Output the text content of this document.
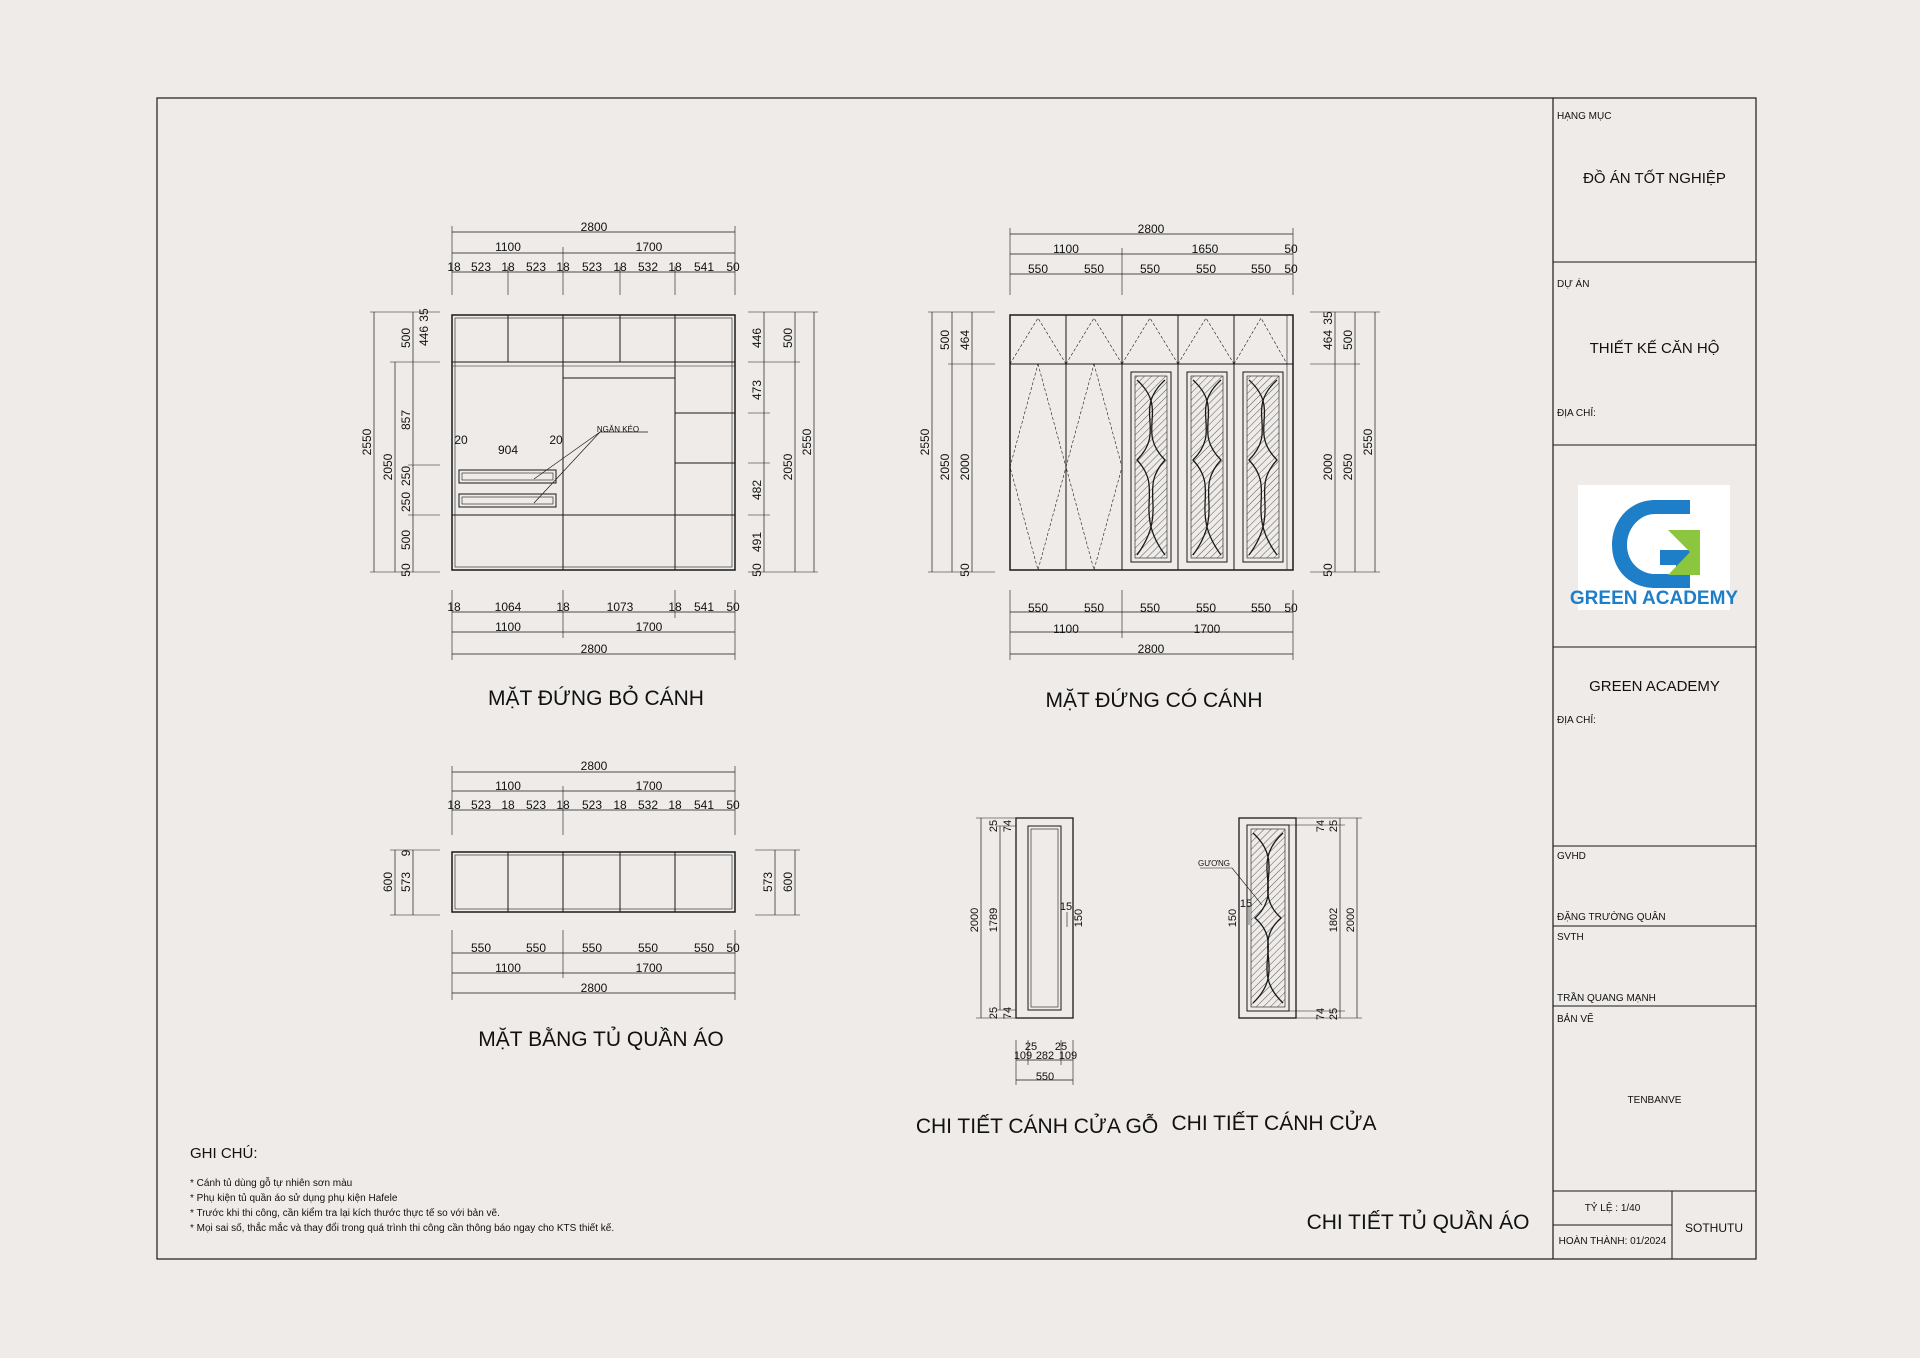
2800
1100	1700
18 523 18 523 18 523 18 532 18 541 50
18	1064	18	1073	18 541 50
1100	1700
2800
904
20	20
2550
2050
500
857
250
250
500
50
446
35
446
473
482
491
50
500
2050
2550
NGĂN KÉO
2800
1100	1650	50
550	550	550	550	550 50
550	550	550	550	550 50
1100	1700
2800
2550
500
2050
464
2000
50
464
35
2000
50
500
2050
2550
2800
1100	1700
18 523 18 523 18 523 18 532 18 541 50
550	550	550	550	550 50
1100	1700
2800
600 573
9
573 600
2000 1789
25 74
25 74
15
150
25 25
109 282 109
550
1802 2000
74 25
74 25
150
15
GƯƠNG
MẶT ĐỨNG BỎ CÁNH	MẶT ĐỨNG CÓ CÁNH
MẶT BẰNG TỦ QUẦN ÁO
CHI TIẾT CÁNH CỬA GỖ CHI TIẾT CÁNH CỬA
CHI TIẾT TỦ QUẦN ÁO
GREEN ACADEMY
GHI CHÚ:
* Cánh tủ dùng gỗ tự nhiên sơn màu
* Phụ kiện tủ quần áo sử dụng phụ kiện Hafele
* Trước khi thi công, cần kiểm tra lại kích thước thực tế so với bản vẽ.
* Mọi sai số, thắc mắc và thay đổi trong quá trình thi công cần thông báo ngay cho KTS thiết kế.
HẠNG MỤC
ĐỒ ÁN TỐT NGHIỆP
DỰ ÁN
THIẾT KẾ CĂN HỘ
ĐỊA CHỈ:
GREEN ACADEMY
ĐỊA CHỈ:
GVHD
ĐẶNG TRƯỜNG QUÂN
SVTH
TRẦN QUANG MẠNH
BẢN VẼ
TENBANVE
TỶ LỆ : 1/40
HOÀN THÀNH: 01/2024
SOTHUTU
